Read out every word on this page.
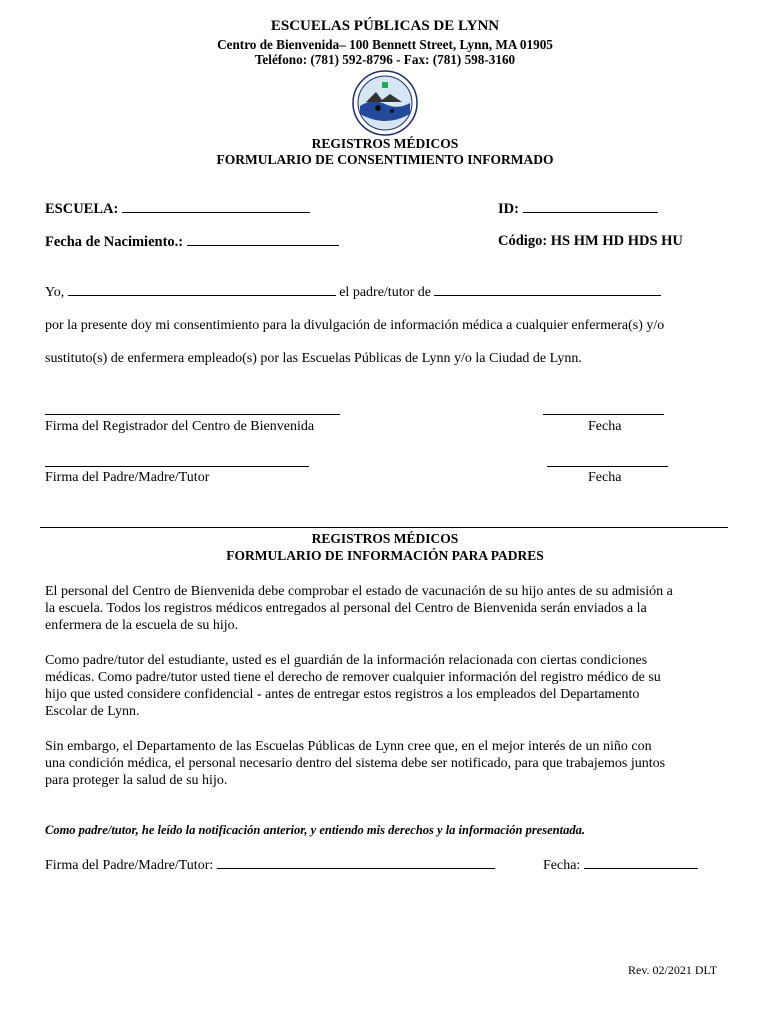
ESCUELAS PÚBLICAS DE LYNN
Centro de Bienvenida– 100 Bennett Street, Lynn, MA 01905
Teléfono: (781) 592-8796 - Fax: (781) 598-3160
REGISTROS MÉDICOS
FORMULARIO DE CONSENTIMIENTO INFORMADO
ESCUELA:	ID:
Fecha de Nacimiento.:	Código: HS HM HD HDS HU
Yo,	el padre/tutor de
por la presente doy mi consentimiento para la divulgación de información médica a cualquier enfermera(s) y/o
sustituto(s) de enfermera empleado(s) por las Escuelas Públicas de Lynn y/o la Ciudad de Lynn.
Firma del Registrador del Centro de Bienvenida	Fecha
Firma del Padre/Madre/Tutor	Fecha
REGISTROS MÉDICOS
FORMULARIO DE INFORMACIÓN PARA PADRES
El personal del Centro de Bienvenida debe comprobar el estado de vacunación de su hijo antes de su admisión a
la escuela. Todos los registros médicos entregados al personal del Centro de Bienvenida serán enviados a la
enfermera de la escuela de su hijo.
Como padre/tutor del estudiante, usted es el guardián de la información relacionada con ciertas condiciones
médicas. Como padre/tutor usted tiene el derecho de remover cualquier información del registro médico de su
hijo que usted considere confidencial - antes de entregar estos registros a los empleados del Departamento
Escolar de Lynn.
Sin embargo, el Departamento de las Escuelas Públicas de Lynn cree que, en el mejor interés de un niño con
una condición médica, el personal necesario dentro del sistema debe ser notificado, para que trabajemos juntos
para proteger la salud de su hijo.
Como padre/tutor, he leído la notificación anterior, y entiendo mis derechos y la información presentada.
Firma del Padre/Madre/Tutor:	Fecha:
Rev. 02/2021 DLT
